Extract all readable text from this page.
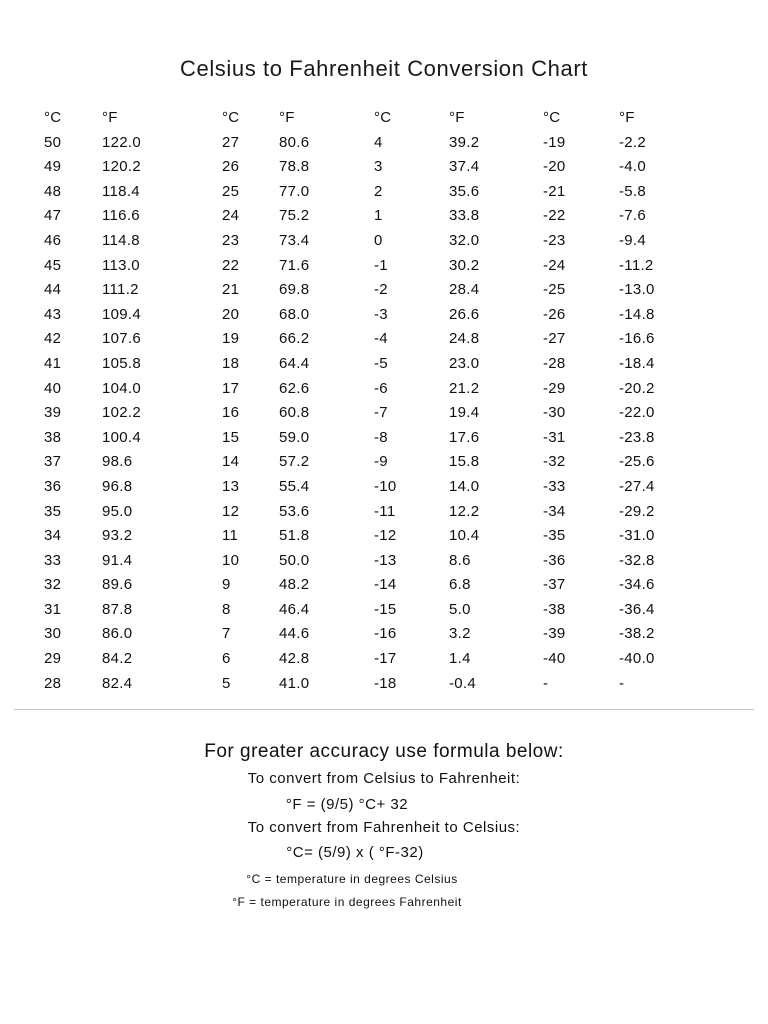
Celsius to Fahrenheit Conversion Chart
°C
50
49
48
47
46
45
44
43
42
41
40
39
38
37
36
35
34
33
32
31
30
29
28
°F
122.0
120.2
118.4
116.6
114.8
113.0
111.2
109.4
107.6
105.8
104.0
102.2
100.4
98.6
96.8
95.0
93.2
91.4
89.6
87.8
86.0
84.2
82.4
°C
27
26
25
24
23
22
21
20
19
18
17
16
15
14
13
12
11
10
9
8
7
6
5
°F
80.6
78.8
77.0
75.2
73.4
71.6
69.8
68.0
66.2
64.4
62.6
60.8
59.0
57.2
55.4
53.6
51.8
50.0
48.2
46.4
44.6
42.8
41.0
°C
4
3
2
1
0
-1
-2
-3
-4
-5
-6
-7
-8
-9
-10
-11
-12
-13
-14
-15
-16
-17
-18
°F
39.2
37.4
35.6
33.8
32.0
30.2
28.4
26.6
24.8
23.0
21.2
19.4
17.6
15.8
14.0
12.2
10.4
8.6
6.8
5.0
3.2
1.4
-0.4
°C
-19
-20
-21
-22
-23
-24
-25
-26
-27
-28
-29
-30
-31
-32
-33
-34
-35
-36
-37
-38
-39
-40
-
°F
-2.2
-4.0
-5.8
-7.6
-9.4
-11.2
-13.0
-14.8
-16.6
-18.4
-20.2
-22.0
-23.8
-25.6
-27.4
-29.2
-31.0
-32.8
-34.6
-36.4
-38.2
-40.0
-
For greater accuracy use formula below:
To convert from Celsius to Fahrenheit:
°F = (9/5) °C+ 32
To convert from Fahrenheit to Celsius:
°C= (5/9) x ( °F-32)
°C = temperature in degrees Celsius
°F = temperature in degrees Fahrenheit
